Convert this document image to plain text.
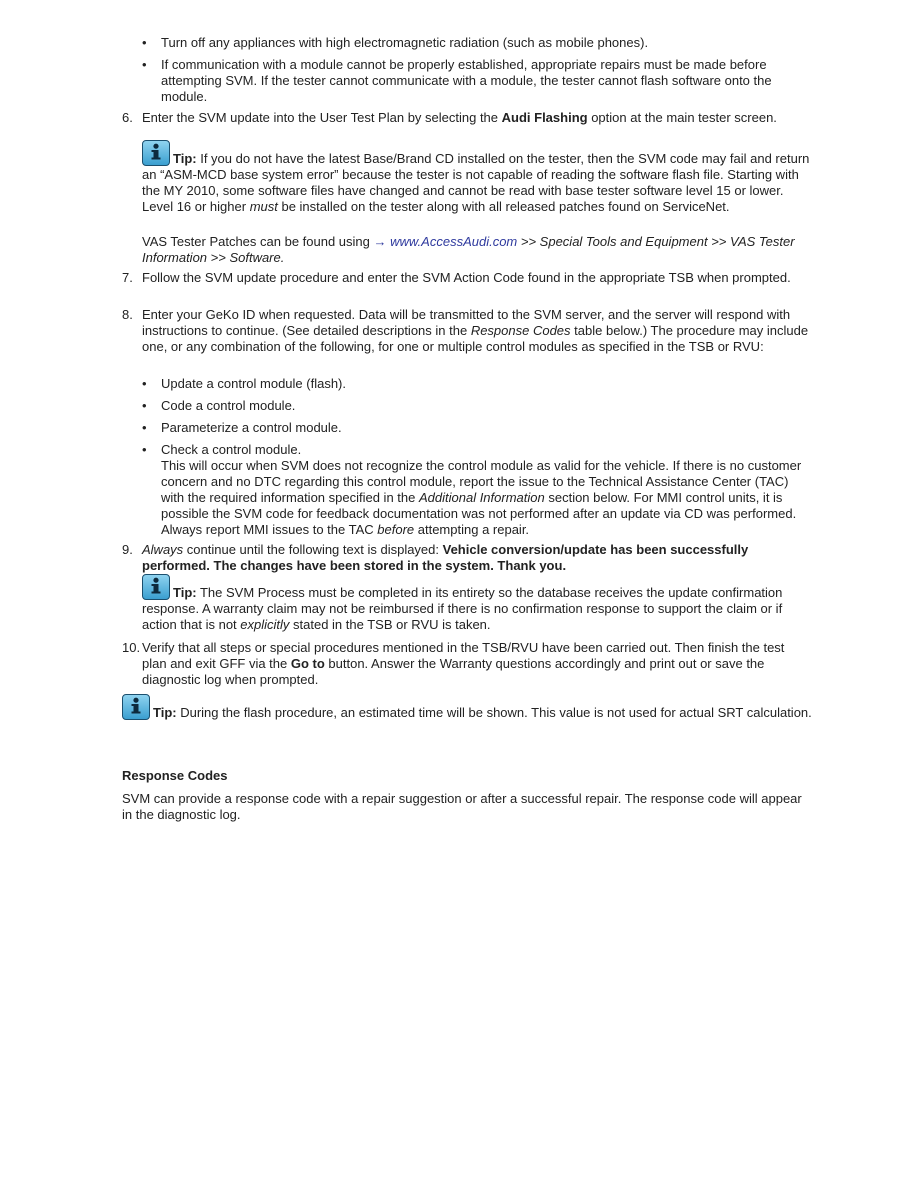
• Turn off any appliances with high electromagnetic radiation (such as mobile phones).
• If communication with a module cannot be properly established, appropriate repairs must be made before attempting SVM. If the tester cannot communicate with a module, the tester cannot flash software onto the module.
6. Enter the SVM update into the User Test Plan by selecting the Audi Flashing option at the main tester screen.
Tip: If you do not have the latest Base/Brand CD installed on the tester, then the SVM code may fail and return an “ASM-MCD base system error” because the tester is not capable of reading the software flash file. Starting with the MY 2010, some software files have changed and cannot be read with base tester software level 15 or lower. Level 16 or higher must be installed on the tester along with all released patches found on ServiceNet.
VAS Tester Patches can be found using → www.AccessAudi.com >> Special Tools and Equipment >> VAS Tester Information >> Software.
7. Follow the SVM update procedure and enter the SVM Action Code found in the appropriate TSB when prompted.
8. Enter your GeKo ID when requested. Data will be transmitted to the SVM server, and the server will respond with instructions to continue. (See detailed descriptions in the Response Codes table below.) The procedure may include one, or any combination of the following, for one or multiple control modules as specified in the TSB or RVU:
• Update a control module (flash).
• Code a control module.
• Parameterize a control module.
• Check a control module.
This will occur when SVM does not recognize the control module as valid for the vehicle. If there is no customer concern and no DTC regarding this control module, report the issue to the Technical Assistance Center (TAC) with the required information specified in the Additional Information section below. For MMI control units, it is possible the SVM code for feedback documentation was not performed after an update via CD was performed. Always report MMI issues to the TAC before attempting a repair.
9. Always continue until the following text is displayed: Vehicle conversion/update has been successfully performed. The changes have been stored in the system. Thank you.
Tip: The SVM Process must be completed in its entirety so the database receives the update confirmation response. A warranty claim may not be reimbursed if there is no confirmation response to support the claim or if action that is not explicitly stated in the TSB or RVU is taken.
10. Verify that all steps or special procedures mentioned in the TSB/RVU have been carried out. Then finish the test plan and exit GFF via the Go to button. Answer the Warranty questions accordingly and print out or save the diagnostic log when prompted.
Tip: During the flash procedure, an estimated time will be shown. This value is not used for actual SRT calculation.
Response Codes
SVM can provide a response code with a repair suggestion or after a successful repair. The response code will appear in the diagnostic log.
